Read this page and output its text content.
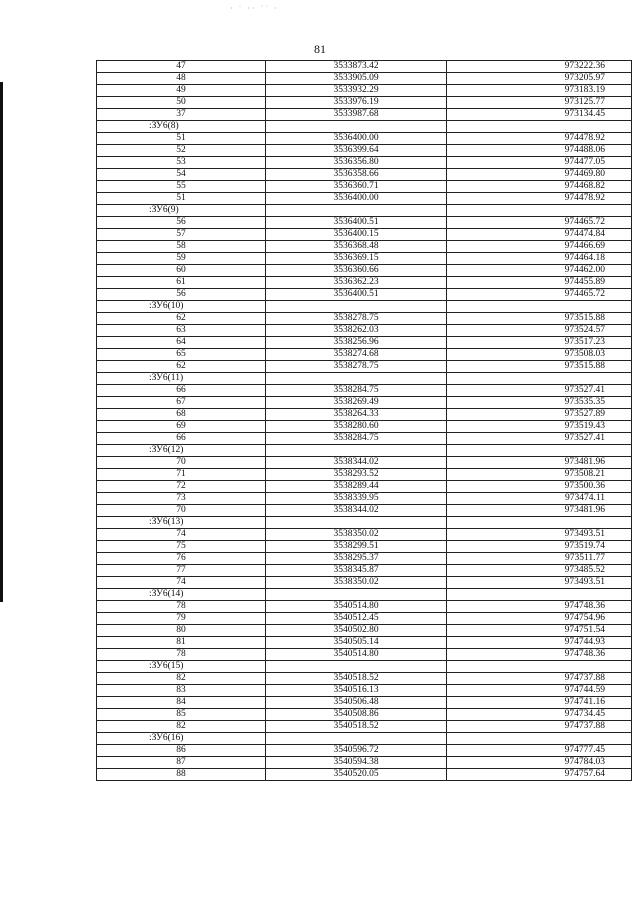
· ˙ ·· ˙˙ ·
81
47	3533873.42	973222.36
48	3533905.09	973205.97
49	3533932.29	973183.19
50	3533976.19	973125.77
37	3533987.68	973134.45
:ЗУ6(8)		
51	3536400.00	974478.92
52	3536399.64	974488.06
53	3536356.80	974477.05
54	3536358.66	974469.80
55	3536360.71	974468.82
51	3536400.00	974478.92
:ЗУ6(9)		
56	3536400.51	974465.72
57	3536400.15	974474.84
58	3536368.48	974466.69
59	3536369.15	974464.18
60	3536360.66	974462.00
61	3536362.23	974455.89
56	3536400.51	974465.72
:ЗУ6(10)		
62	3538278.75	973515.88
63	3538262.03	973524.57
64	3538256.96	973517.23
65	3538274.68	973508.03
62	3538278.75	973515.88
:ЗУ6(11)		
66	3538284.75	973527.41
67	3538269.49	973535.35
68	3538264.33	973527.89
69	3538280.60	973519.43
66	3538284.75	973527.41
:ЗУ6(12)		
70	3538344.02	973481.96
71	3538293.52	973508.21
72	3538289.44	973500.36
73	3538339.95	973474.11
70	3538344.02	973481.96
:ЗУ6(13)		
74	3538350.02	973493.51
75	3538299.51	973519.74
76	3538295.37	973511.77
77	3538345.87	973485.52
74	3538350.02	973493.51
:ЗУ6(14)		
78	3540514.80	974748.36
79	3540512.45	974754.96
80	3540502.80	974751.54
81	3540505.14	974744.93
78	3540514.80	974748.36
:ЗУ6(15)		
82	3540518.52	974737.88
83	3540516.13	974744.59
84	3540506.48	974741.16
85	3540508.86	974734.45
82	3540518.52	974737.88
:ЗУ6(16)		
86	3540596.72	974777.45
87	3540594.38	974784.03
88	3540520.05	974757.64
